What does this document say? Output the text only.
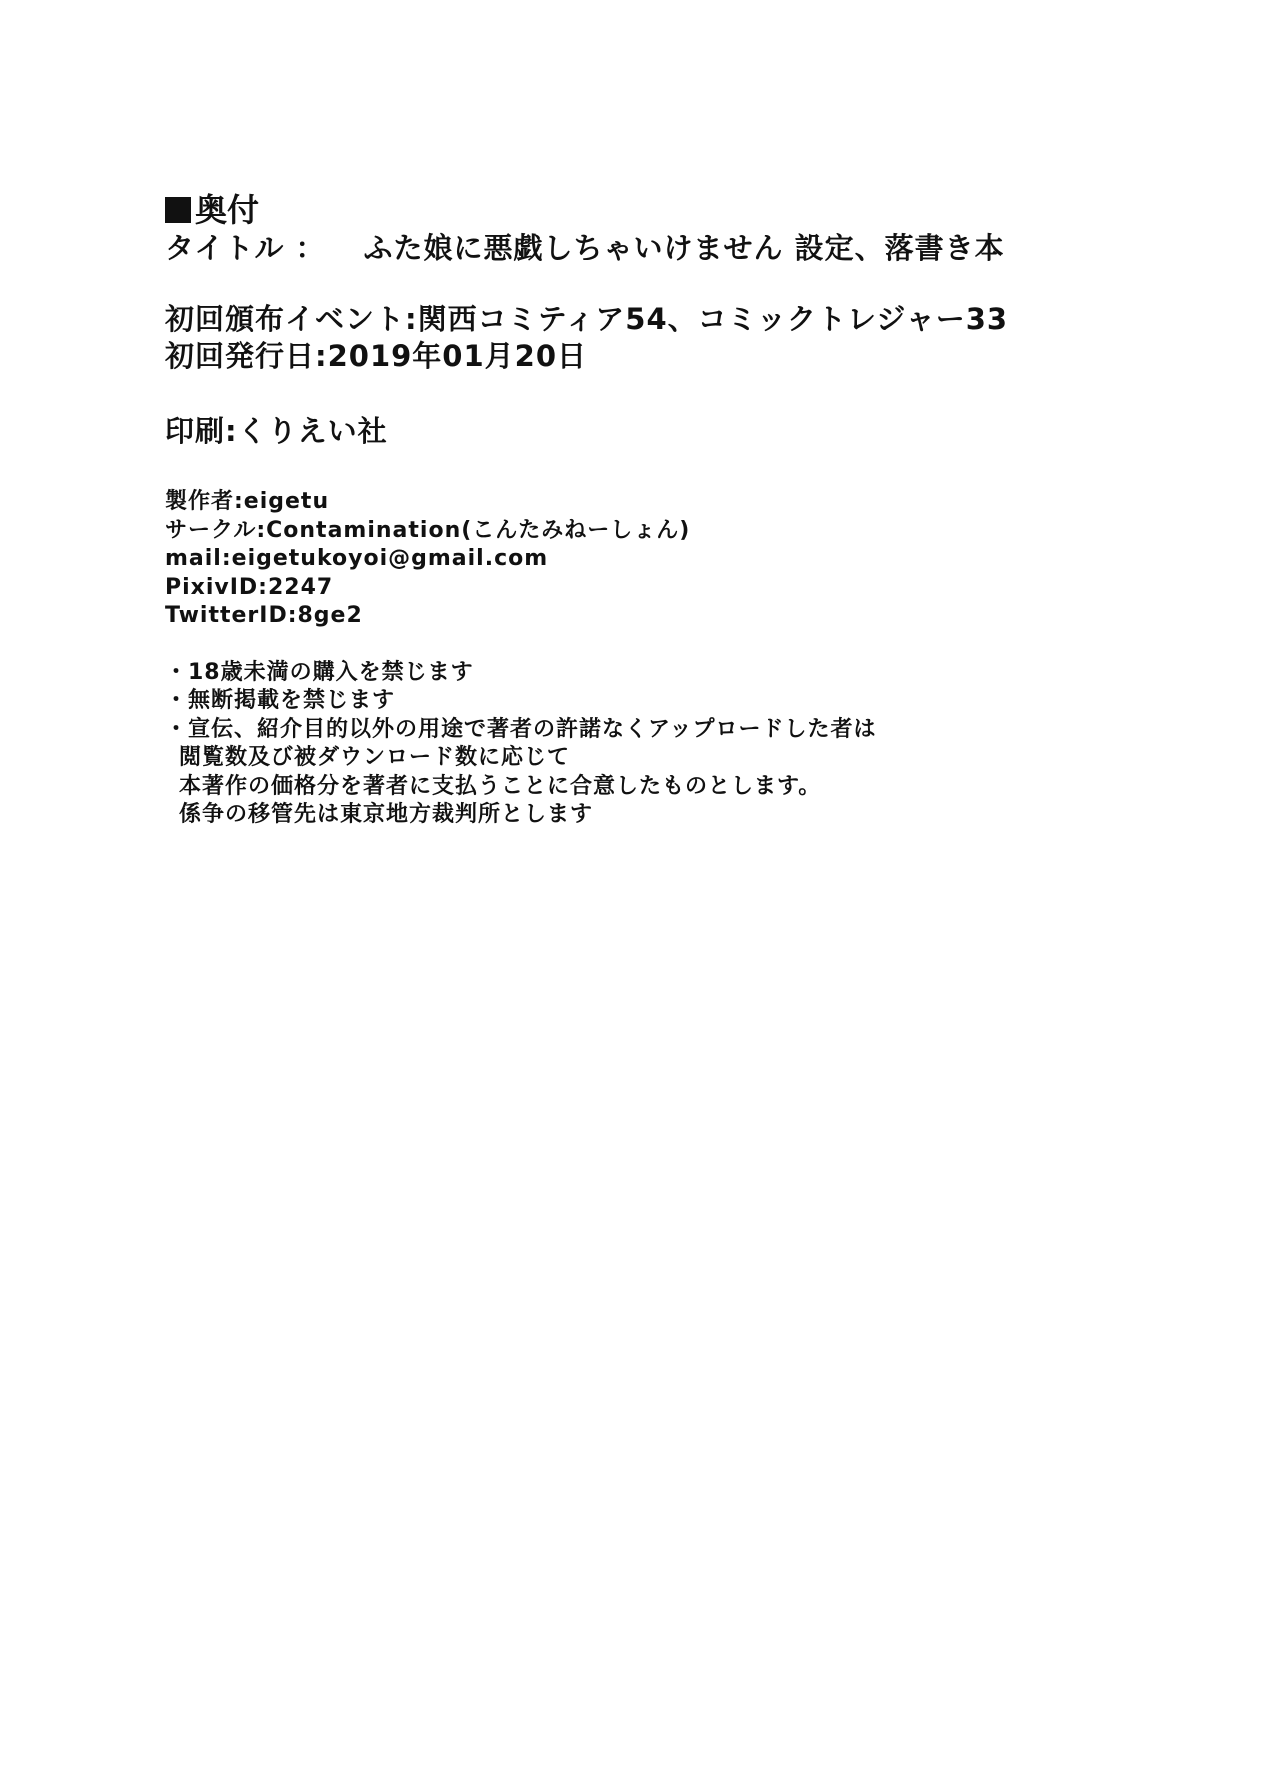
奥付

タイトル ： ふた娘に悪戯しちゃいけません 設定、落書き本

初回頒布イベント:関西コミティア54、コミックトレジャー33

初回発行日:2019年01月20日

印刷:くりえい社

製作者:eigetu

サークル:Contamination(こんたみねーしょん)

mail:eigetukoyoi@gmail.com

PixivID:2247

TwitterID:8ge2

・18歳未満の購入を禁じます

・無断掲載を禁じます

・宣伝、紹介目的以外の用途で著者の許諾なくアップロードした者は

閲覧数及び被ダウンロード数に応じて

本著作の価格分を著者に支払うことに合意したものとします。

係争の移管先は東京地方裁判所とします
